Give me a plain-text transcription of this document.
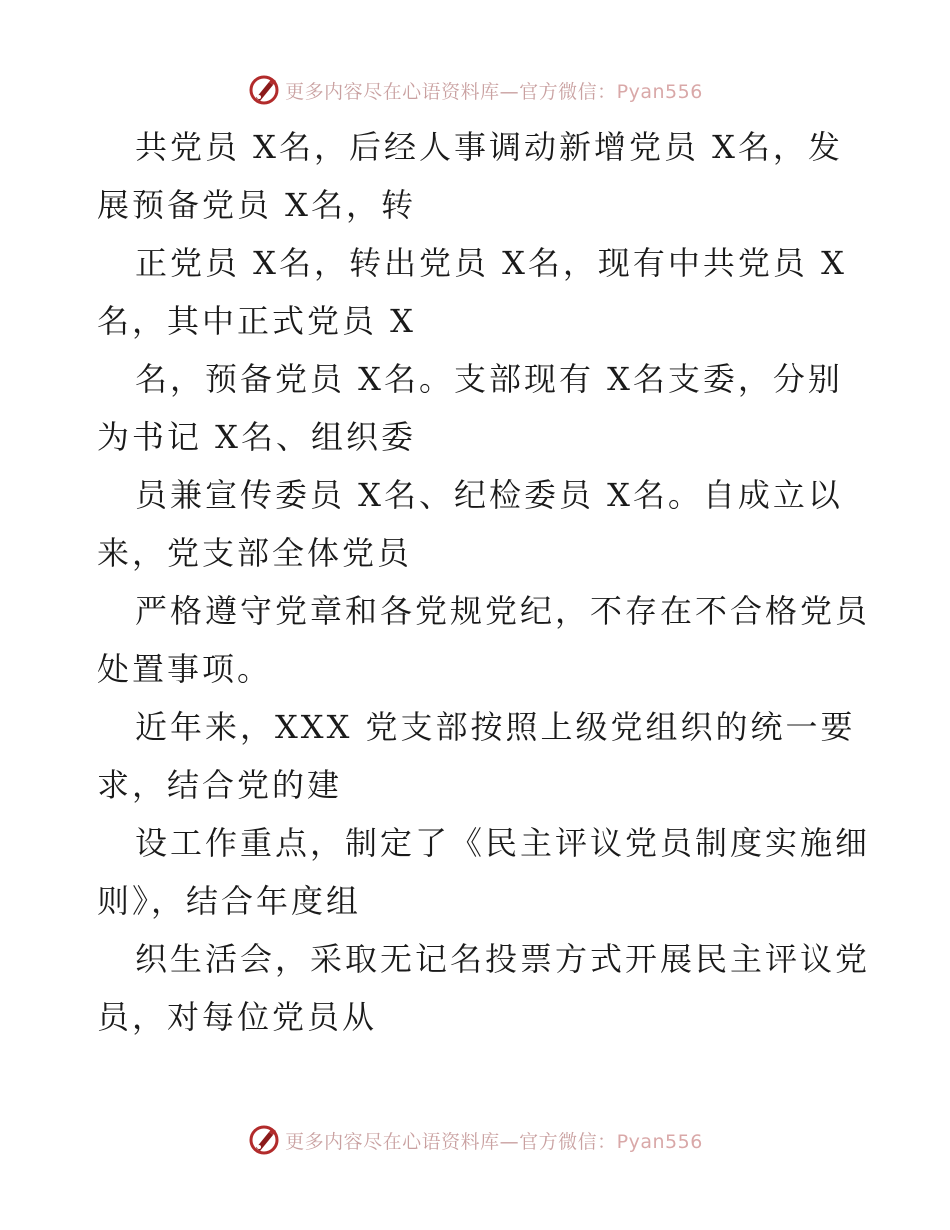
更多内容尽在心语资料库—官方微信：Pyan556

共党员 X名，后经人事调动新增党员 X名，发
展预备党员 X名，转

正党员 X名，转出党员 X名，现有中共党员 X
名，其中正式党员 X

名，预备党员 X名。支部现有 X名支委，分别
为书记 X名、组织委

员兼宣传委员 X名、纪检委员 X名。自成立以
来，党支部全体党员

严格遵守党章和各党规党纪，不存在不合格党员
处置事项。

近年来，XXX 党支部按照上级党组织的统一要
求，结合党的建

设工作重点，制定了《民主评议党员制度实施细
则》，结合年度组

织生活会，采取无记名投票方式开展民主评议党
员，对每位党员从

更多内容尽在心语资料库—官方微信：Pyan556
